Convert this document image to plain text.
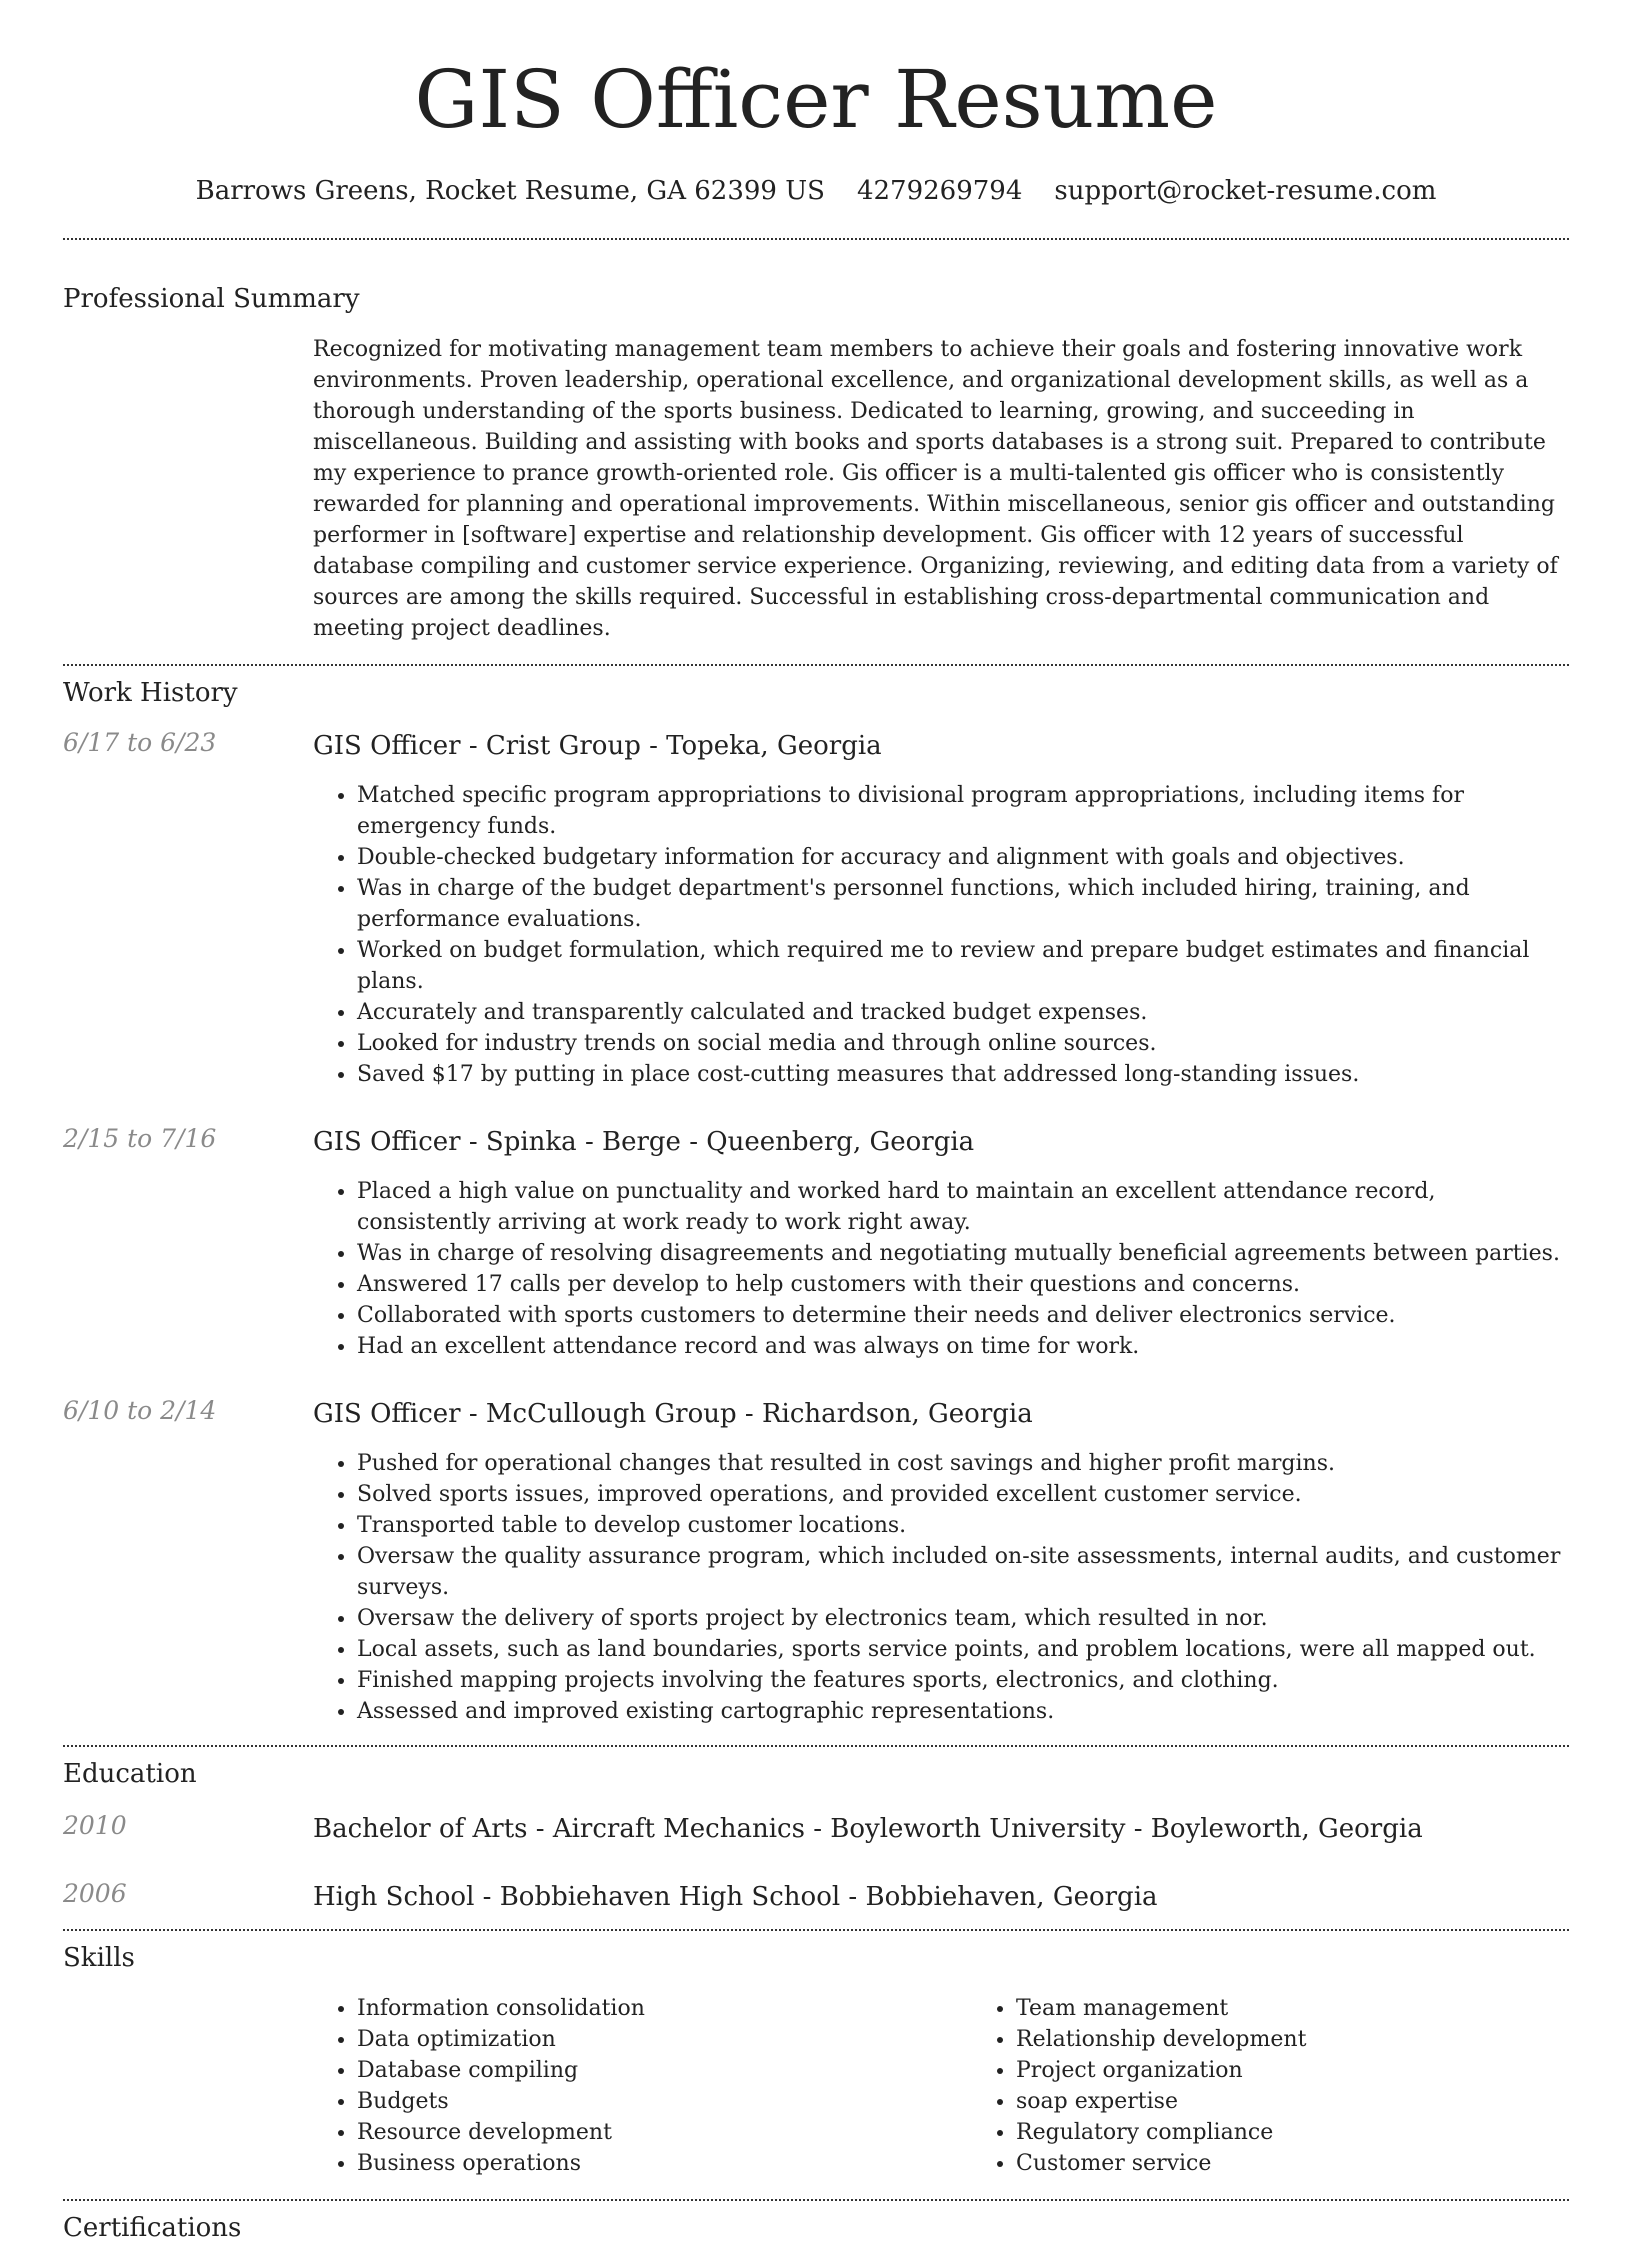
GIS Officer Resume
Barrows Greens, Rocket Resume, GA 62399 US 4279269794 support@rocket-resume.com
Professional Summary

Recognized for motivating management team members to achieve their goals and fostering innovative work environments. Proven leadership, operational excellence, and organizational development skills, as well as a thorough understanding of the sports business. Dedicated to learning, growing, and succeeding in miscellaneous. Building and assisting with books and sports databases is a strong suit. Prepared to contribute my experience to prance growth-oriented role. Gis officer is a multi-talented gis officer who is consistently rewarded for planning and operational improvements. Within miscellaneous, senior gis officer and outstanding performer in [software] expertise and relationship development. Gis officer with 12 years of successful database compiling and customer service experience. Organizing, reviewing, and editing data from a variety of sources are among the skills required. Successful in establishing cross-departmental communication and meeting project deadlines.

Work History
6/17 to 6/23	GIS Officer - Crist Group - Topeka, Georgia
• Matched specific program appropriations to divisional program appropriations, including items for emergency funds.
• Double-checked budgetary information for accuracy and alignment with goals and objectives.
• Was in charge of the budget department's personnel functions, which included hiring, training, and performance evaluations.
• Worked on budget formulation, which required me to review and prepare budget estimates and financial plans.
• Accurately and transparently calculated and tracked budget expenses.
• Looked for industry trends on social media and through online sources.
• Saved $17 by putting in place cost-cutting measures that addressed long-standing issues.
2/15 to 7/16	GIS Officer - Spinka - Berge - Queenberg, Georgia
• Placed a high value on punctuality and worked hard to maintain an excellent attendance record, consistently arriving at work ready to work right away.
• Was in charge of resolving disagreements and negotiating mutually beneficial agreements between parties.
• Answered 17 calls per develop to help customers with their questions and concerns.
• Collaborated with sports customers to determine their needs and deliver electronics service.
• Had an excellent attendance record and was always on time for work.
6/10 to 2/14	GIS Officer - McCullough Group - Richardson, Georgia
• Pushed for operational changes that resulted in cost savings and higher profit margins.
• Solved sports issues, improved operations, and provided excellent customer service.
• Transported table to develop customer locations.
• Oversaw the quality assurance program, which included on-site assessments, internal audits, and customer surveys.
• Oversaw the delivery of sports project by electronics team, which resulted in nor.
• Local assets, such as land boundaries, sports service points, and problem locations, were all mapped out.
• Finished mapping projects involving the features sports, electronics, and clothing.
• Assessed and improved existing cartographic representations.
Education
2010	Bachelor of Arts - Aircraft Mechanics - Boyleworth University - Boyleworth, Georgia
2006	High School - Bobbiehaven High School - Bobbiehaven, Georgia
Skills
• Information consolidation
• Data optimization
• Database compiling
• Budgets
• Resource development
• Business operations
• Team management
• Relationship development
• Project organization
• soap expertise
• Regulatory compliance
• Customer service
Certifications
